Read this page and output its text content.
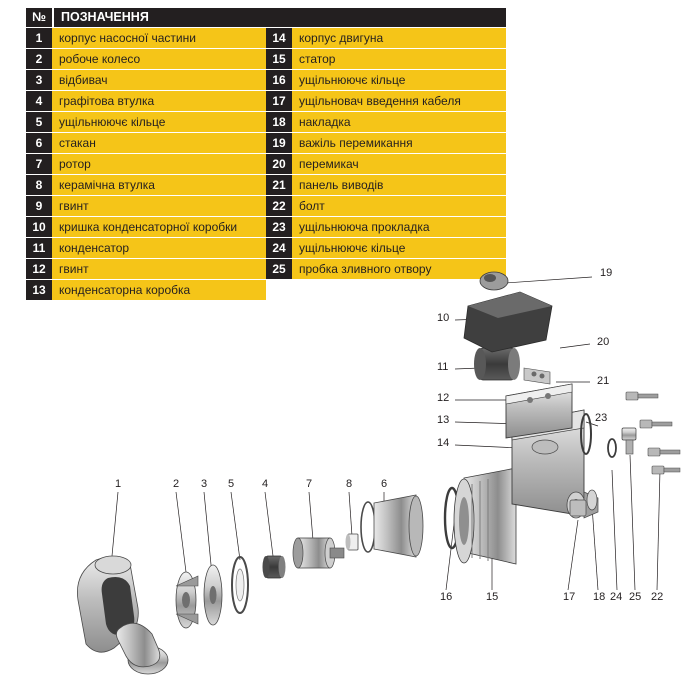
№	ПОЗНАЧЕННЯ
1	корпус насосної частини
2	робоче колесо
3	відбивач
4	графітова втулка
5	ущільнюючє кільце
6	стакан
7	ротор
8	керамічна втулка
9	гвинт
10	кришка конденсаторної коробки
11	конденсатор
12	гвинт
13	конденсаторна коробка
14	корпус двигуна
15	статор
16	ущільнюючє кільце
17	ущільновач введення кабеля
18	накладка
19	важіль перемикання
20	перемикач
21	панель виводів
22	болт
23	ущільнююча прокладка
24	ущільнюючє кільце
25	пробка зливного отвору	19
10
20
11
21
12
13	23
14
1	2 3 5	4	7	8	6
16	15	17 18 24 25 22
